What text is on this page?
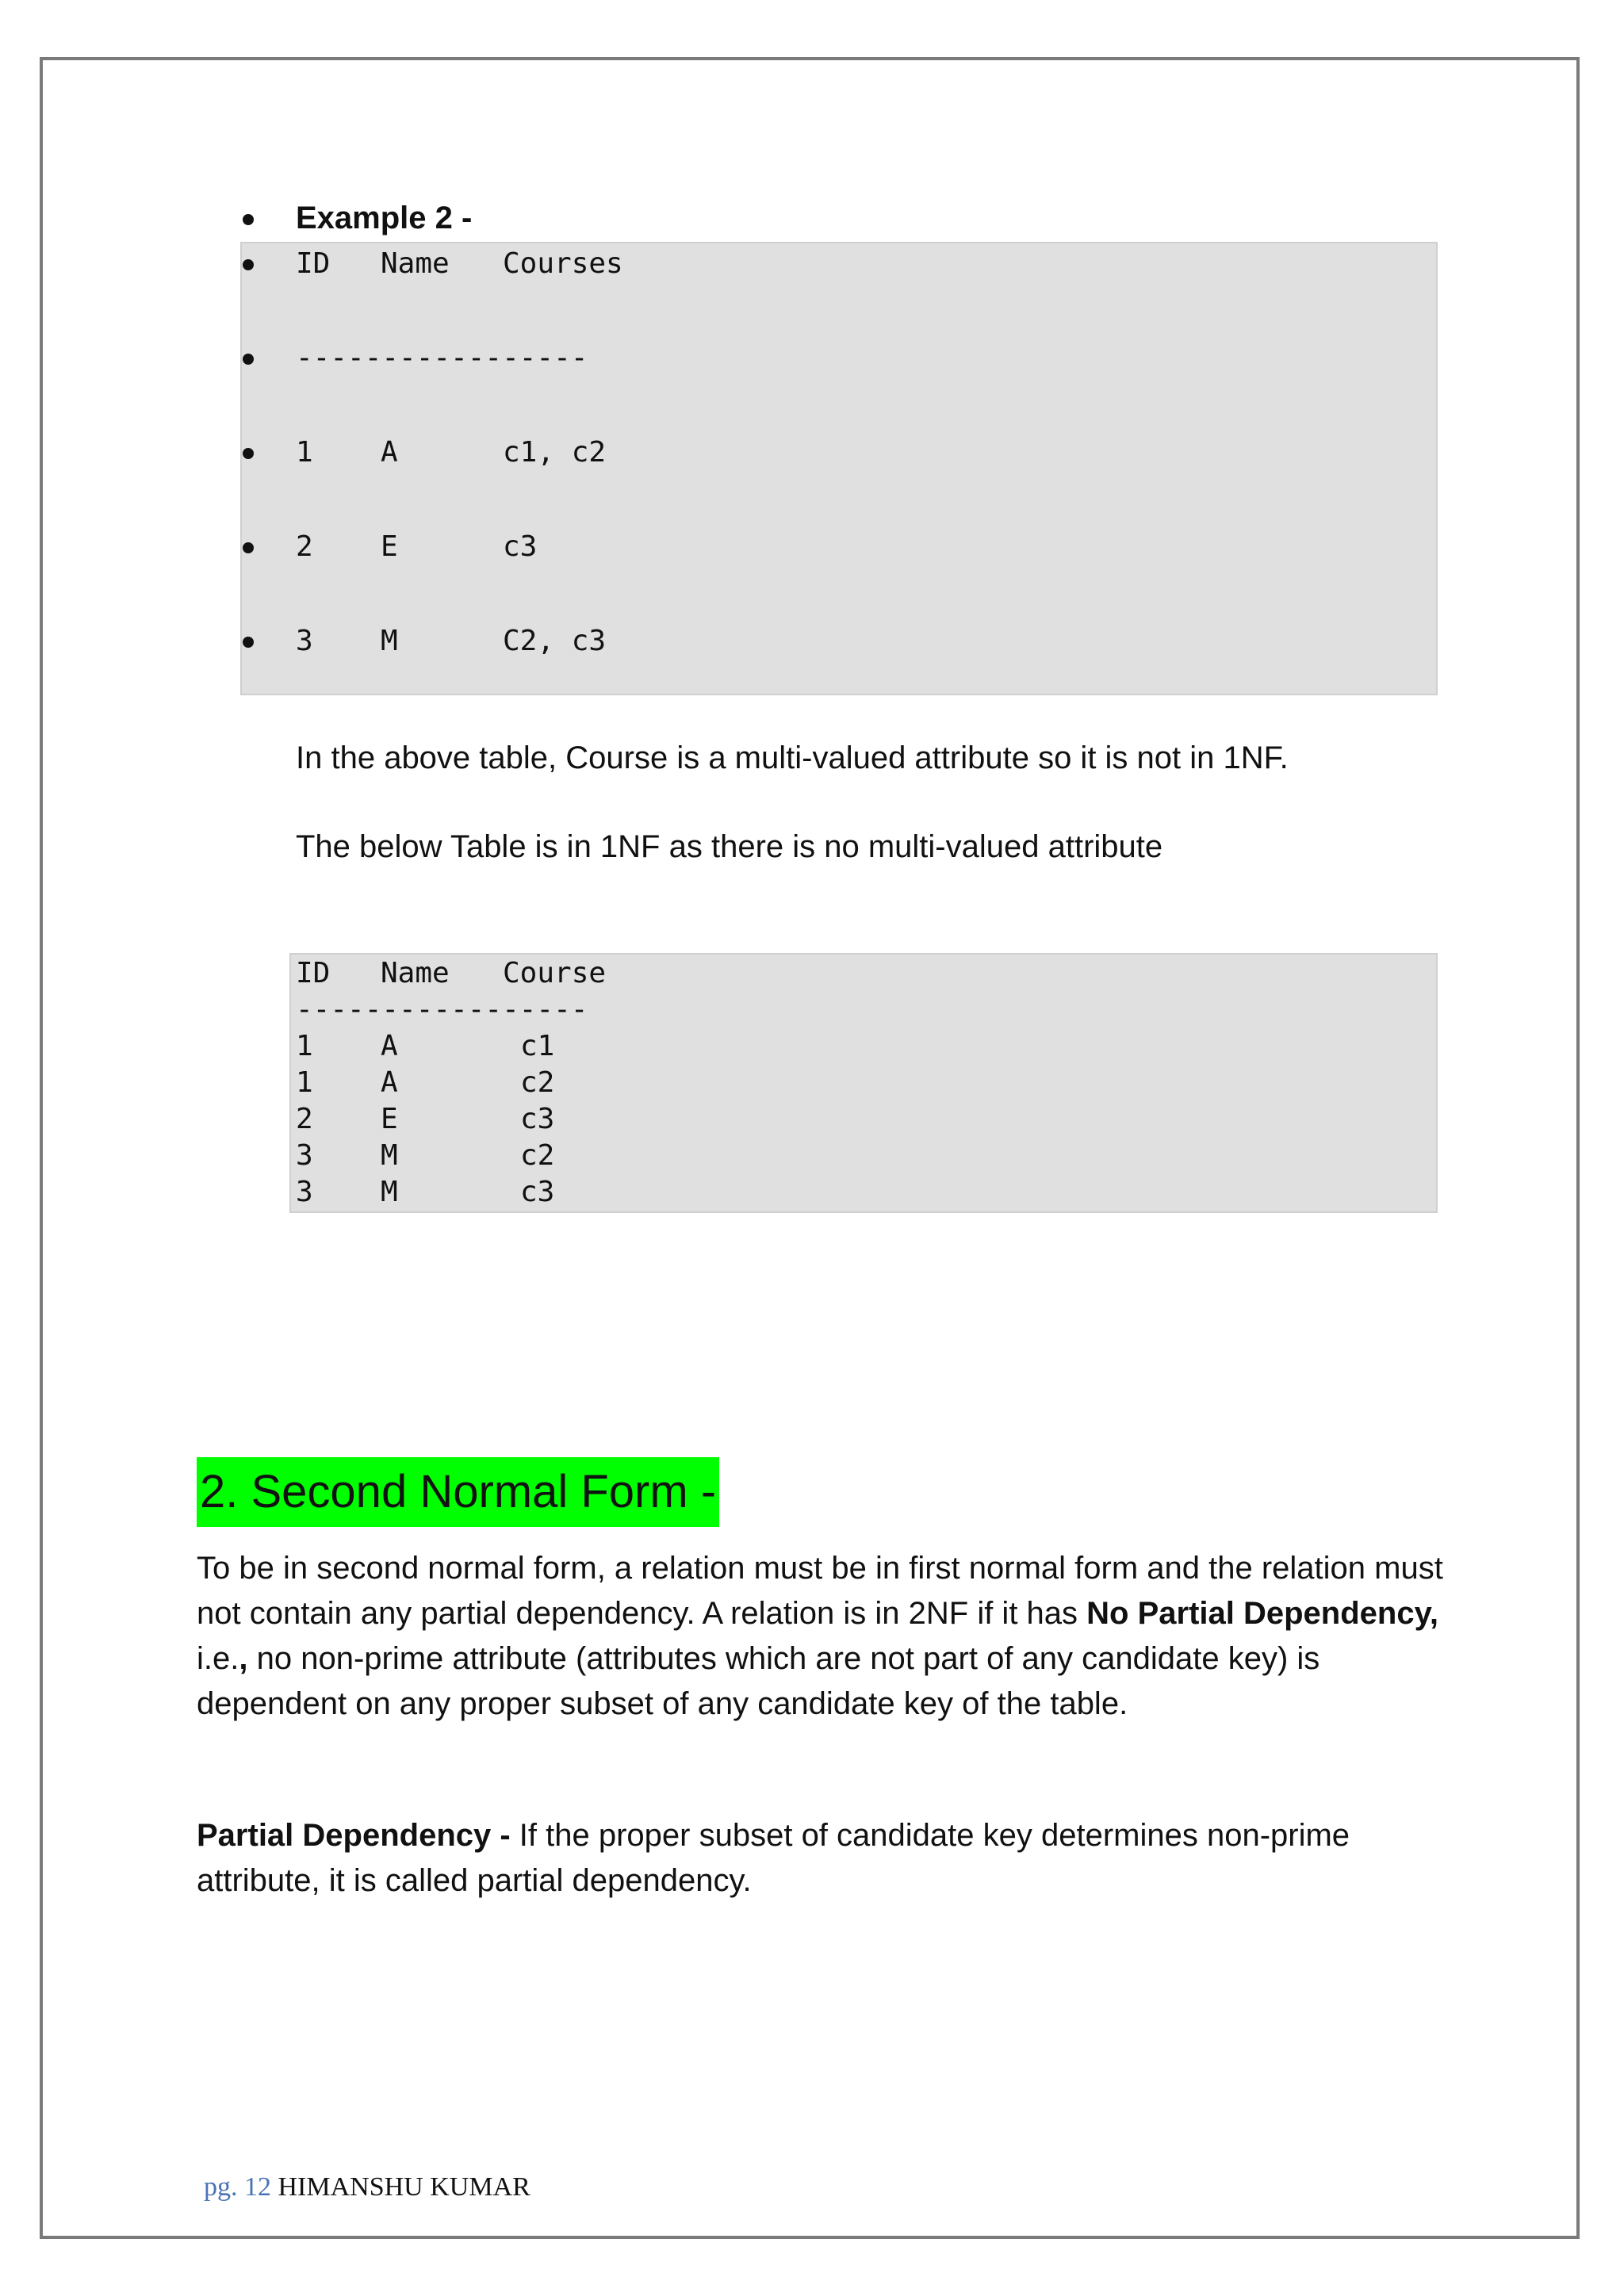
Example 2 -
ID Name Courses
-----------------
1 A	c1, c2
2 E	c3
3 M	C2, c3
In the above table, Course is a multi-valued attribute so it is not in 1NF.
The below Table is in 1NF as there is no multi-valued attribute
ID Name Course
-----------------
1 A	c1
1 A	c2
2 E	c3
3 M	c2
3 M	c3
2. Second Normal Form -
To be in second normal form, a relation must be in first normal form and the relation must not contain any partial dependency. A relation is in 2NF if it has No Partial Dependency, i.e., no non-prime attribute (attributes which are not part of any candidate key) is dependent on any proper subset of any candidate key of the table.
Partial Dependency - If the proper subset of candidate key determines non-prime attribute, it is called partial dependency.
pg. 12 HIMANSHU KUMAR
